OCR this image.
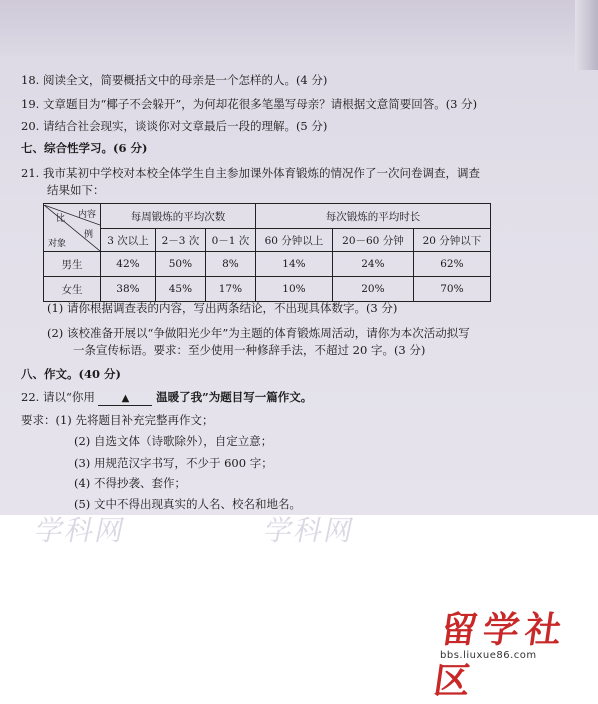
18. 阅读全文，简要概括文中的母亲是一个怎样的人。(4 分)
19. 文章题目为“椰子不会躲开”，为何却花很多笔墨写母亲？请根据文意简要回答。(3 分)
20. 请结合社会现实，谈谈你对文章最后一段的理解。(5 分)
七、综合性学习。(6 分)
21. 我市某初中学校对本校全体学生自主参加课外体育锻炼的情况作了一次问卷调查，调查
结果如下：
内容
比
例
对象	每周锻炼的平均次数			每次锻炼的平均时长		
	3 次以上	2－3 次	0－1 次	60 分钟以上	20－60 分钟	20 分钟以下
男生	42%	50%	8%	14%	24%	62%
女生	38%	45%	17%	10%	20%	70%
(1) 请你根据调查表的内容，写出两条结论，不出现具体数字。(3 分)
(2) 该校准备开展以“争做阳光少年”为主题的体育锻炼周活动，请你为本次活动拟写
一条宣传标语。要求：至少使用一种修辞手法，不超过 20 字。(3 分)
八、作文。(40 分)
22. 请以“你用	▲ 温暖了我”为题目写一篇作文。
要求：(1) 先将题目补充完整再作文；
(2) 自选文体（诗歌除外），自定立意；
(3) 用规范汉字书写，不少于 600 字；
(4) 不得抄袭、套作；
(5) 文中不得出现真实的人名、校名和地名。
学科网	学科网
留学社区
bbs.liuxue86.com
